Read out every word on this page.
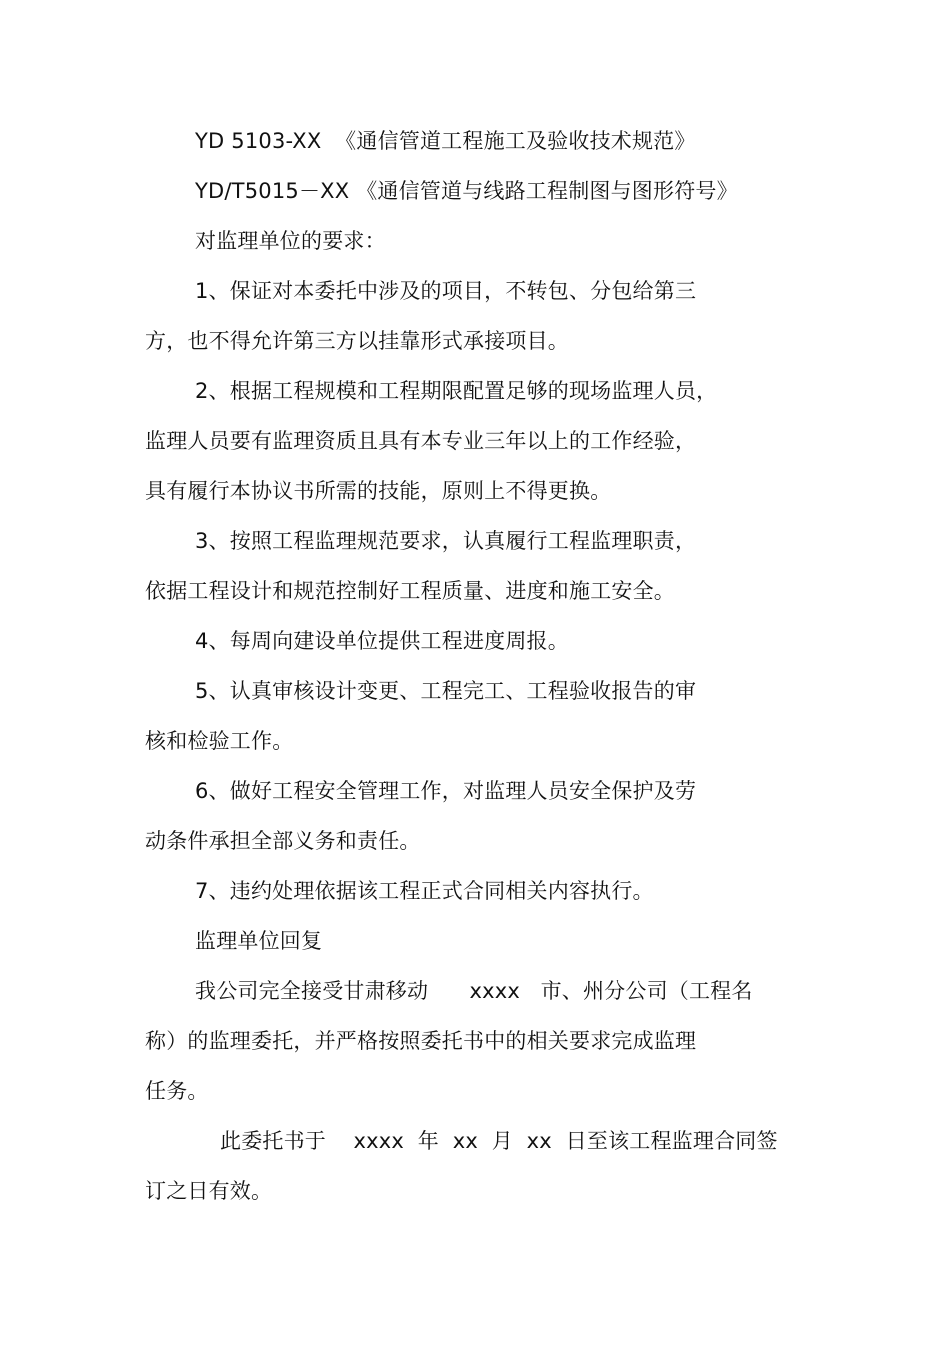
YD 5103-XX  《通信管道工程施工及验收技术规范》
YD/T5015－XX 《通信管道与线路工程制图与图形符号》
对监理单位的要求：
1、保证对本委托中涉及的项目，不转包、分包给第三
方，也不得允许第三方以挂靠形式承接项目。
2、根据工程规模和工程期限配置足够的现场监理人员，
监理人员要有监理资质且具有本专业三年以上的工作经验，
具有履行本协议书所需的技能，原则上不得更换。
3、按照工程监理规范要求，认真履行工程监理职责，
依据工程设计和规范控制好工程质量、进度和施工安全。
4、每周向建设单位提供工程进度周报。
5、认真审核设计变更、工程完工、工程验收报告的审
核和检验工作。
6、做好工程安全管理工作，对监理人员安全保护及劳
动条件承担全部义务和责任。
7、违约处理依据该工程正式合同相关内容执行。
监理单位回复
我公司完全接受甘肃移动      xxxx   市、州分公司（工程名
称）的监理委托，并严格按照委托书中的相关要求完成监理
任务。
此委托书于    xxxx  年  xx  月  xx  日至该工程监理合同签
订之日有效。
